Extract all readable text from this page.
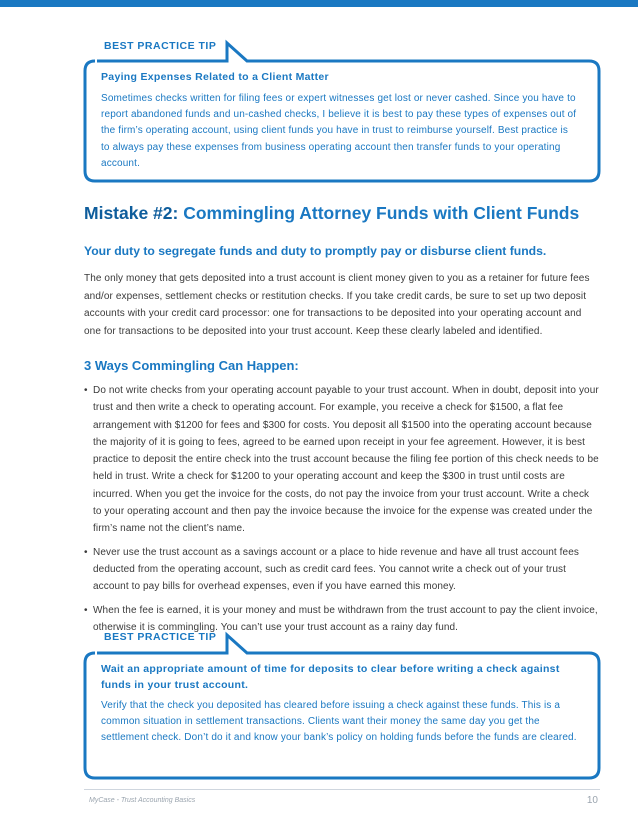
BEST PRACTICE TIP
Paying Expenses Related to a Client Matter
Sometimes checks written for filing fees or expert witnesses get lost or never cashed. Since you have to report abandoned funds and un-cashed checks, I believe it is best to pay these types of expenses out of the firm’s operating account, using client funds you have in trust to reimburse yourself. Best practice is to always pay these expenses from business operating account then transfer funds to your operating account.
Mistake #2: Commingling Attorney Funds with Client Funds
Your duty to segregate funds and duty to promptly pay or disburse client funds.

The only money that gets deposited into a trust account is client money given to you as a retainer for future fees and/or expenses, settlement checks or restitution checks. If you take credit cards, be sure to set up two deposit accounts with your credit card processor: one for transactions to be deposited into your operating account and one for transactions to be deposited into your trust account. Keep these clearly labeled and identified.

3 Ways Commingling Can Happen:
• Do not write checks from your operating account payable to your trust account. When in doubt, deposit into your trust and then write a check to operating account. For example, you receive a check for $1500, a flat fee arrangement with $1200 for fees and $300 for costs. You deposit all $1500 into the operating account because the majority of it is going to fees, agreed to be earned upon receipt in your fee agreement. However, it is best practice to deposit the entire check into the trust account because the filing fee portion of this check needs to be held in trust. Write a check for $1200 to your operating account and keep the $300 in trust until costs are incurred. When you get the invoice for the costs, do not pay the invoice from your trust account. Write a check to your operating account and then pay the invoice because the invoice for the expense was created under the firm’s name not the client’s name.
• Never use the trust account as a savings account or a place to hide revenue and have all trust account fees deducted from the operating account, such as credit card fees. You cannot write a check out of your trust account to pay bills for overhead expenses, even if you have earned this money.
• When the fee is earned, it is your money and must be withdrawn from the trust account to pay the client invoice, otherwise it is commingling. You can’t use your trust account as a rainy day fund.
BEST PRACTICE TIP
Wait an appropriate amount of time for deposits to clear before writing a check against funds in your trust account.
Verify that the check you deposited has cleared before issuing a check against these funds. This is a common situation in settlement transactions. Clients want their money the same day you get the settlement check. Don’t do it and know your bank’s policy on holding funds before the funds are cleared.
MyCase - Trust Accounting Basics	10
